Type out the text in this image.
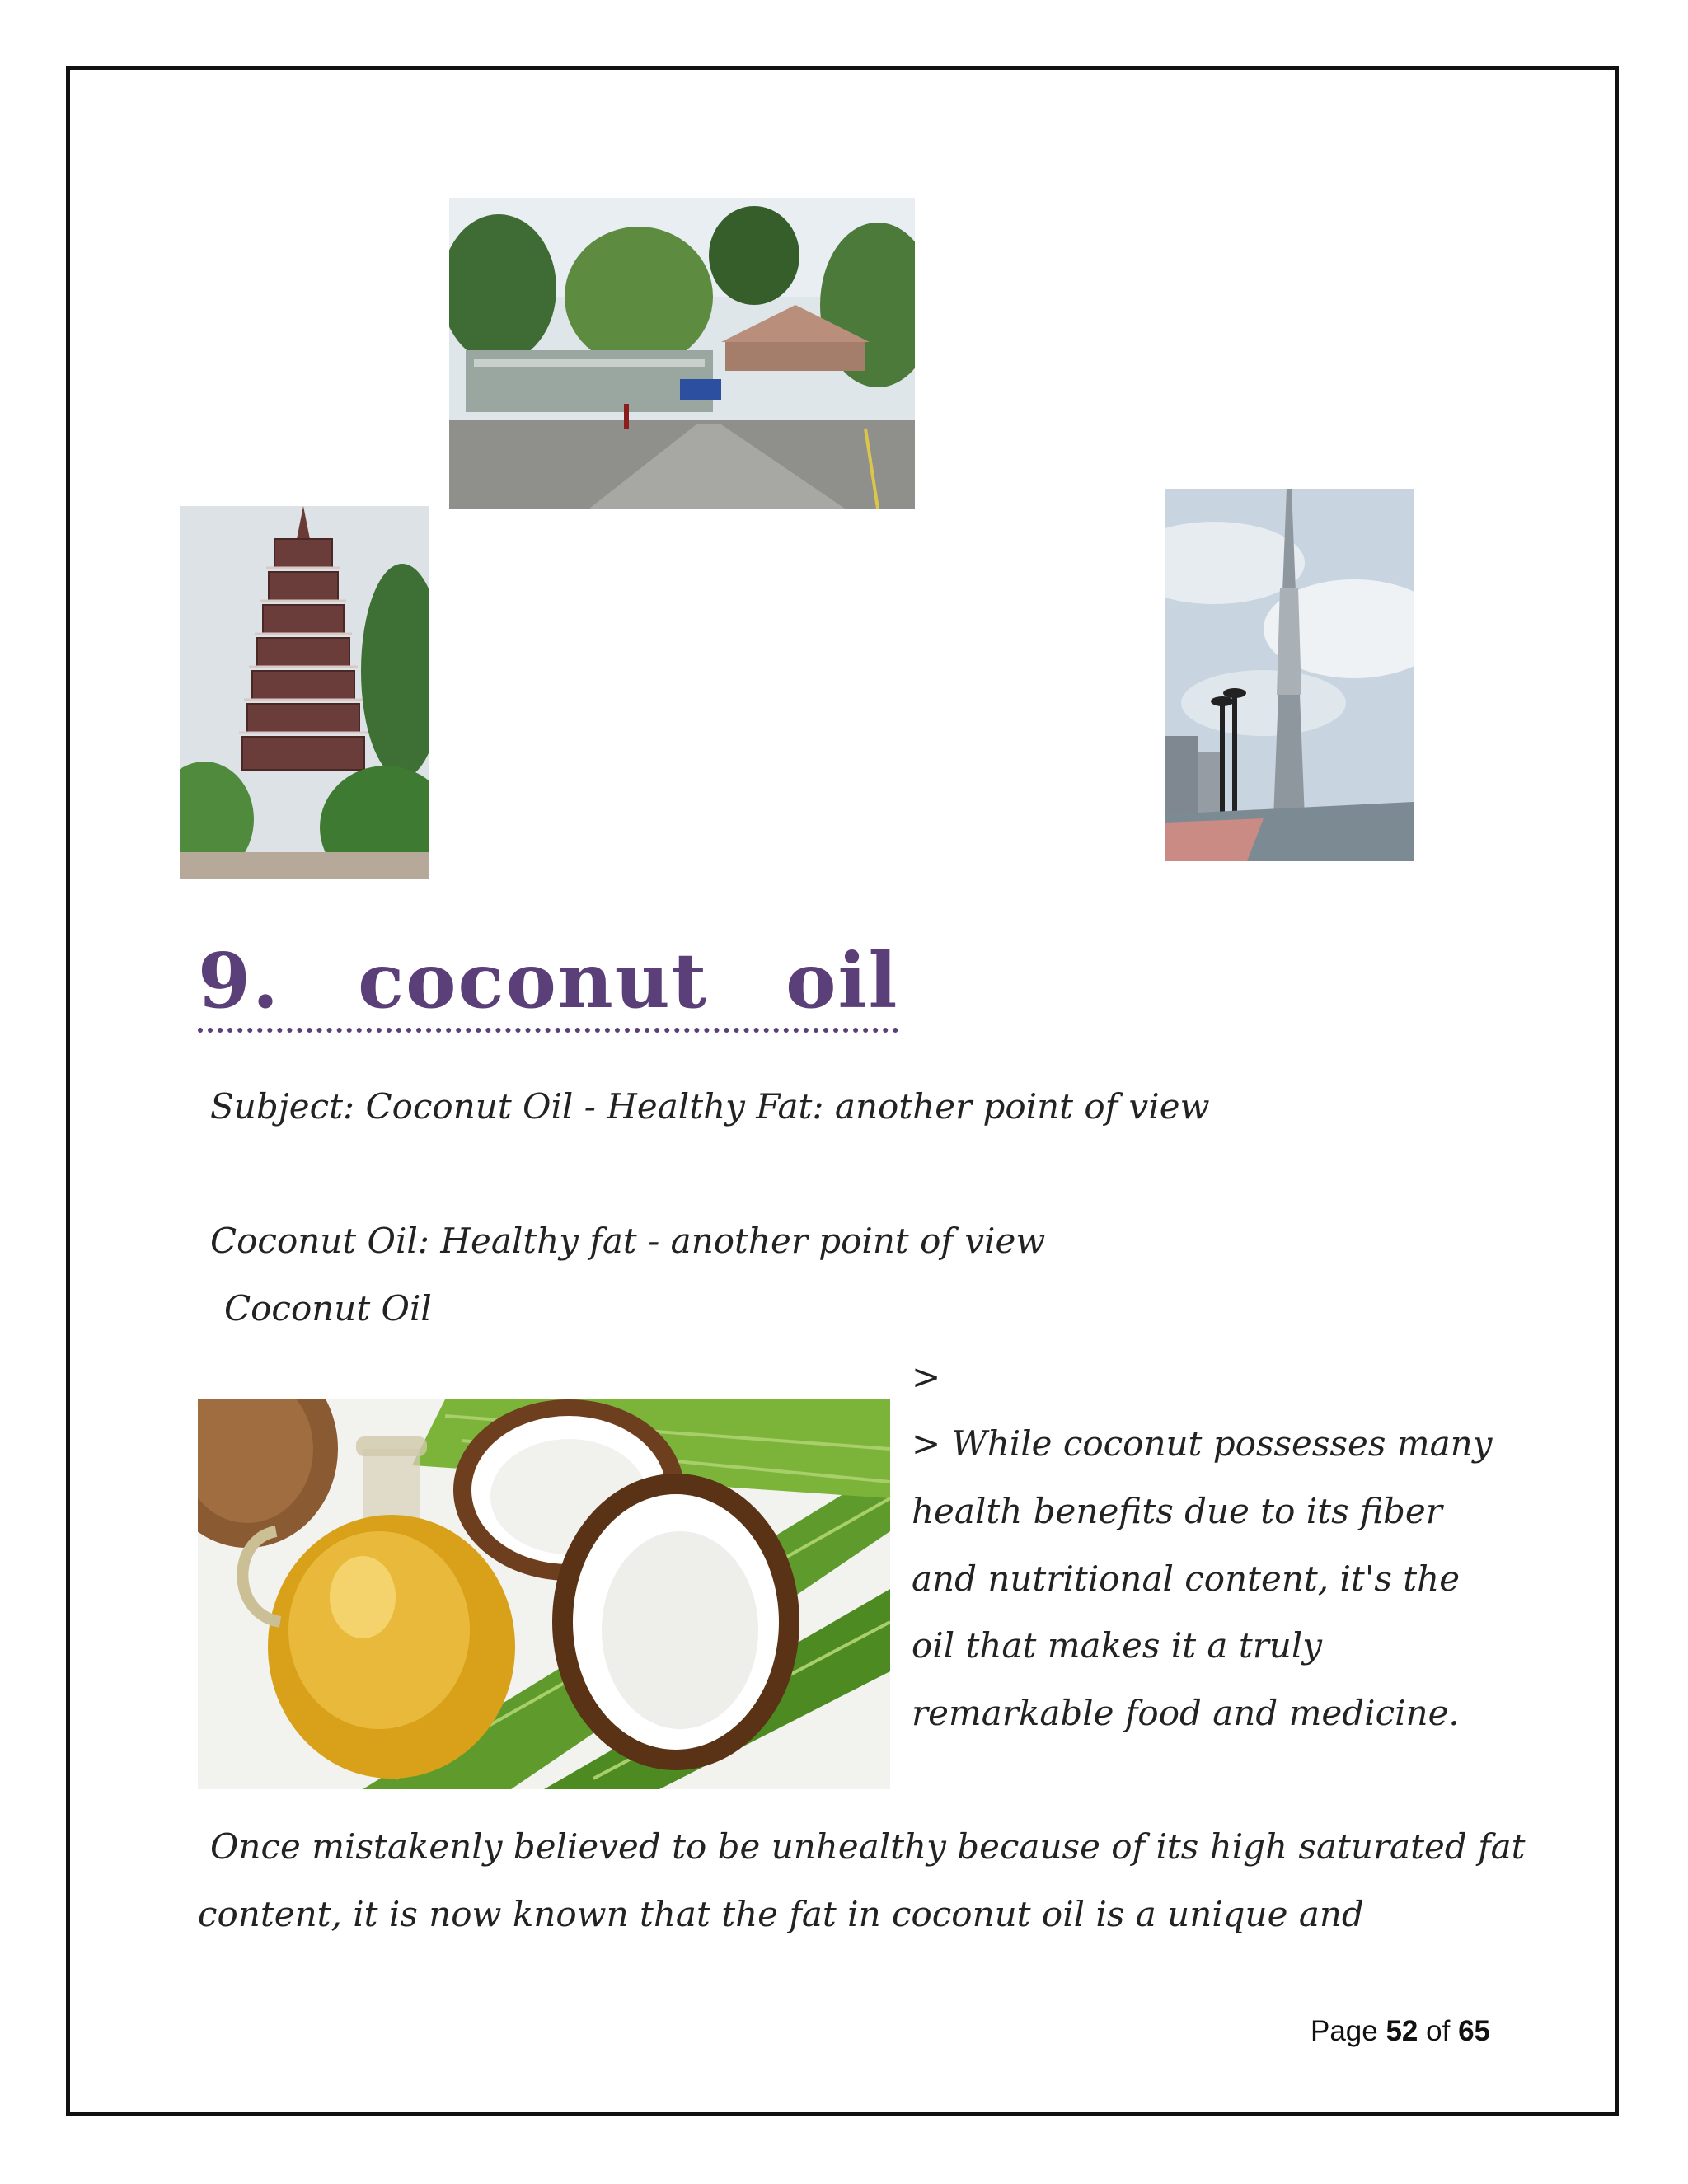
9. coconut oil
Subject: Coconut Oil - Healthy Fat: another point of view
Coconut Oil: Healthy fat - another point of view
Coconut Oil
>
> While coconut possesses many
health benefits due to its fiber
and nutritional content, it's the
oil that makes it a truly
remarkable food and medicine.
Once mistakenly believed to be unhealthy because of its high saturated fat
content, it is now known that the fat in coconut oil is a unique and
Page 52 of 65
